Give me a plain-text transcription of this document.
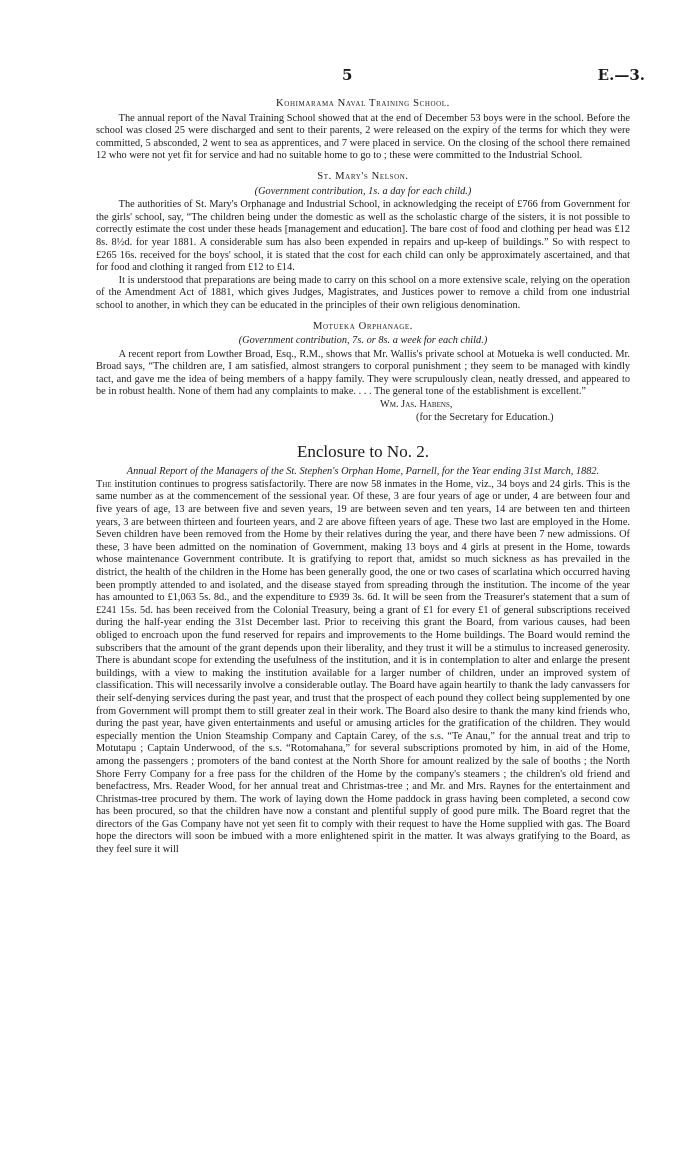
5	E.—3.

Kohimarama Naval Training School.

The annual report of the Naval Training School showed that at the end of December 53 boys were in the school. Before the school was closed 25 were discharged and sent to their parents, 2 were released on the expiry of the terms for which they were committed, 5 absconded, 2 went to sea as apprentices, and 7 were placed in service. On the closing of the school there remained 12 who were not yet fit for service and had no suitable home to go to ; these were committed to the Industrial School.

St. Mary's Nelson.

(Government contribution, 1s. a day for each child.)

The authorities of St. Mary's Orphanage and Industrial School, in acknowledging the receipt of £766 from Government for the girls' school, say, “The children being under the domestic as well as the scholastic charge of the sisters, it is not possible to correctly estimate the cost under these heads [management and education]. The bare cost of food and clothing per head was £12 8s. 8½d. for year 1881. A considerable sum has also been expended in repairs and up-keep of buildings.” So with respect to £265 16s. received for the boys' school, it is stated that the cost for each child can only be approximately ascertained, and that for food and clothing it ranged from £12 to £14.

It is understood that preparations are being made to carry on this school on a more extensive scale, relying on the operation of the Amendment Act of 1881, which gives Judges, Magistrates, and Justices power to remove a child from one industrial school to another, in which they can be educated in the principles of their own religious denomination.

Motueka Orphanage.

(Government contribution, 7s. or 8s. a week for each child.)

A recent report from Lowther Broad, Esq., R.M., shows that Mr. Wallis's private school at Motueka is well conducted. Mr. Broad says, “The children are, I am satisfied, almost strangers to corporal punishment ; they seem to be managed with kindly tact, and gave me the idea of being members of a happy family. They were scrupulously clean, neatly dressed, and appeared to be in robust health. None of them had any complaints to make. . . . The general tone of the establishment is excellent.”

Wm. Jas. Habens,

(for the Secretary for Education.)

Enclosure to No. 2.

Annual Report of the Managers of the St. Stephen's Orphan Home, Parnell, for the Year ending 31st March, 1882.

The institution continues to progress satisfactorily. There are now 58 inmates in the Home, viz., 34 boys and 24 girls. This is the same number as at the commencement of the sessional year. Of these, 3 are four years of age or under, 4 are between four and five years of age, 13 are between five and seven years, 19 are between seven and ten years, 14 are between ten and thirteen years, 3 are between thirteen and fourteen years, and 2 are above fifteen years of age. These two last are employed in the Home. Seven children have been removed from the Home by their relatives during the year, and there have been 7 new admissions. Of these, 3 have been admitted on the nomination of Government, making 13 boys and 4 girls at present in the Home, towards whose maintenance Government contribute. It is gratifying to report that, amidst so much sickness as has prevailed in the district, the health of the children in the Home has been generally good, the one or two cases of scarlatina which occurred having been promptly attended to and isolated, and the disease stayed from spreading through the institution. The income of the year has amounted to £1,063 5s. 8d., and the expenditure to £939 3s. 6d. It will be seen from the Treasurer's statement that a sum of £241 15s. 5d. has been received from the Colonial Treasury, being a grant of £1 for every £1 of general subscriptions received during the half-year ending the 31st December last. Prior to receiving this grant the Board, from various causes, had been obliged to encroach upon the fund reserved for repairs and improvements to the Home buildings. The Board would remind the subscribers that the amount of the grant depends upon their liberality, and they trust it will be a stimulus to increased generosity. There is abundant scope for extending the usefulness of the institution, and it is in contemplation to alter and enlarge the present buildings, with a view to making the institution available for a larger number of children, under an improved system of classification. This will necessarily involve a considerable outlay. The Board have again heartily to thank the lady canvassers for their self-denying services during the past year, and trust that the prospect of each pound they collect being supplemented by one from Government will prompt them to still greater zeal in their work. The Board also desire to thank the many kind friends who, during the past year, have given entertainments and useful or amusing articles for the gratification of the children. They would especially mention the Union Steamship Company and Captain Carey, of the s.s. “Te Anau,” for the annual treat and trip to Motutapu ; Captain Underwood, of the s.s. “Rotomahana,” for several subscriptions promoted by him, in aid of the Home, among the passengers ; promoters of the band contest at the North Shore for amount realized by the sale of booths ; the North Shore Ferry Company for a free pass for the children of the Home by the company's steamers ; the children's old friend and benefactress, Mrs. Reader Wood, for her annual treat and Christmas-tree ; and Mr. and Mrs. Raynes for the entertainment and Christmas-tree procured by them. The work of laying down the Home paddock in grass having been completed, a second cow has been procured, so that the children have now a constant and plentiful supply of good pure milk. The Board regret that the directors of the Gas Company have not yet seen fit to comply with their request to have the Home supplied with gas. The Board hope the directors will soon be imbued with a more enlightened spirit in the matter. It was always gratifying to the Board, as they feel sure it will
